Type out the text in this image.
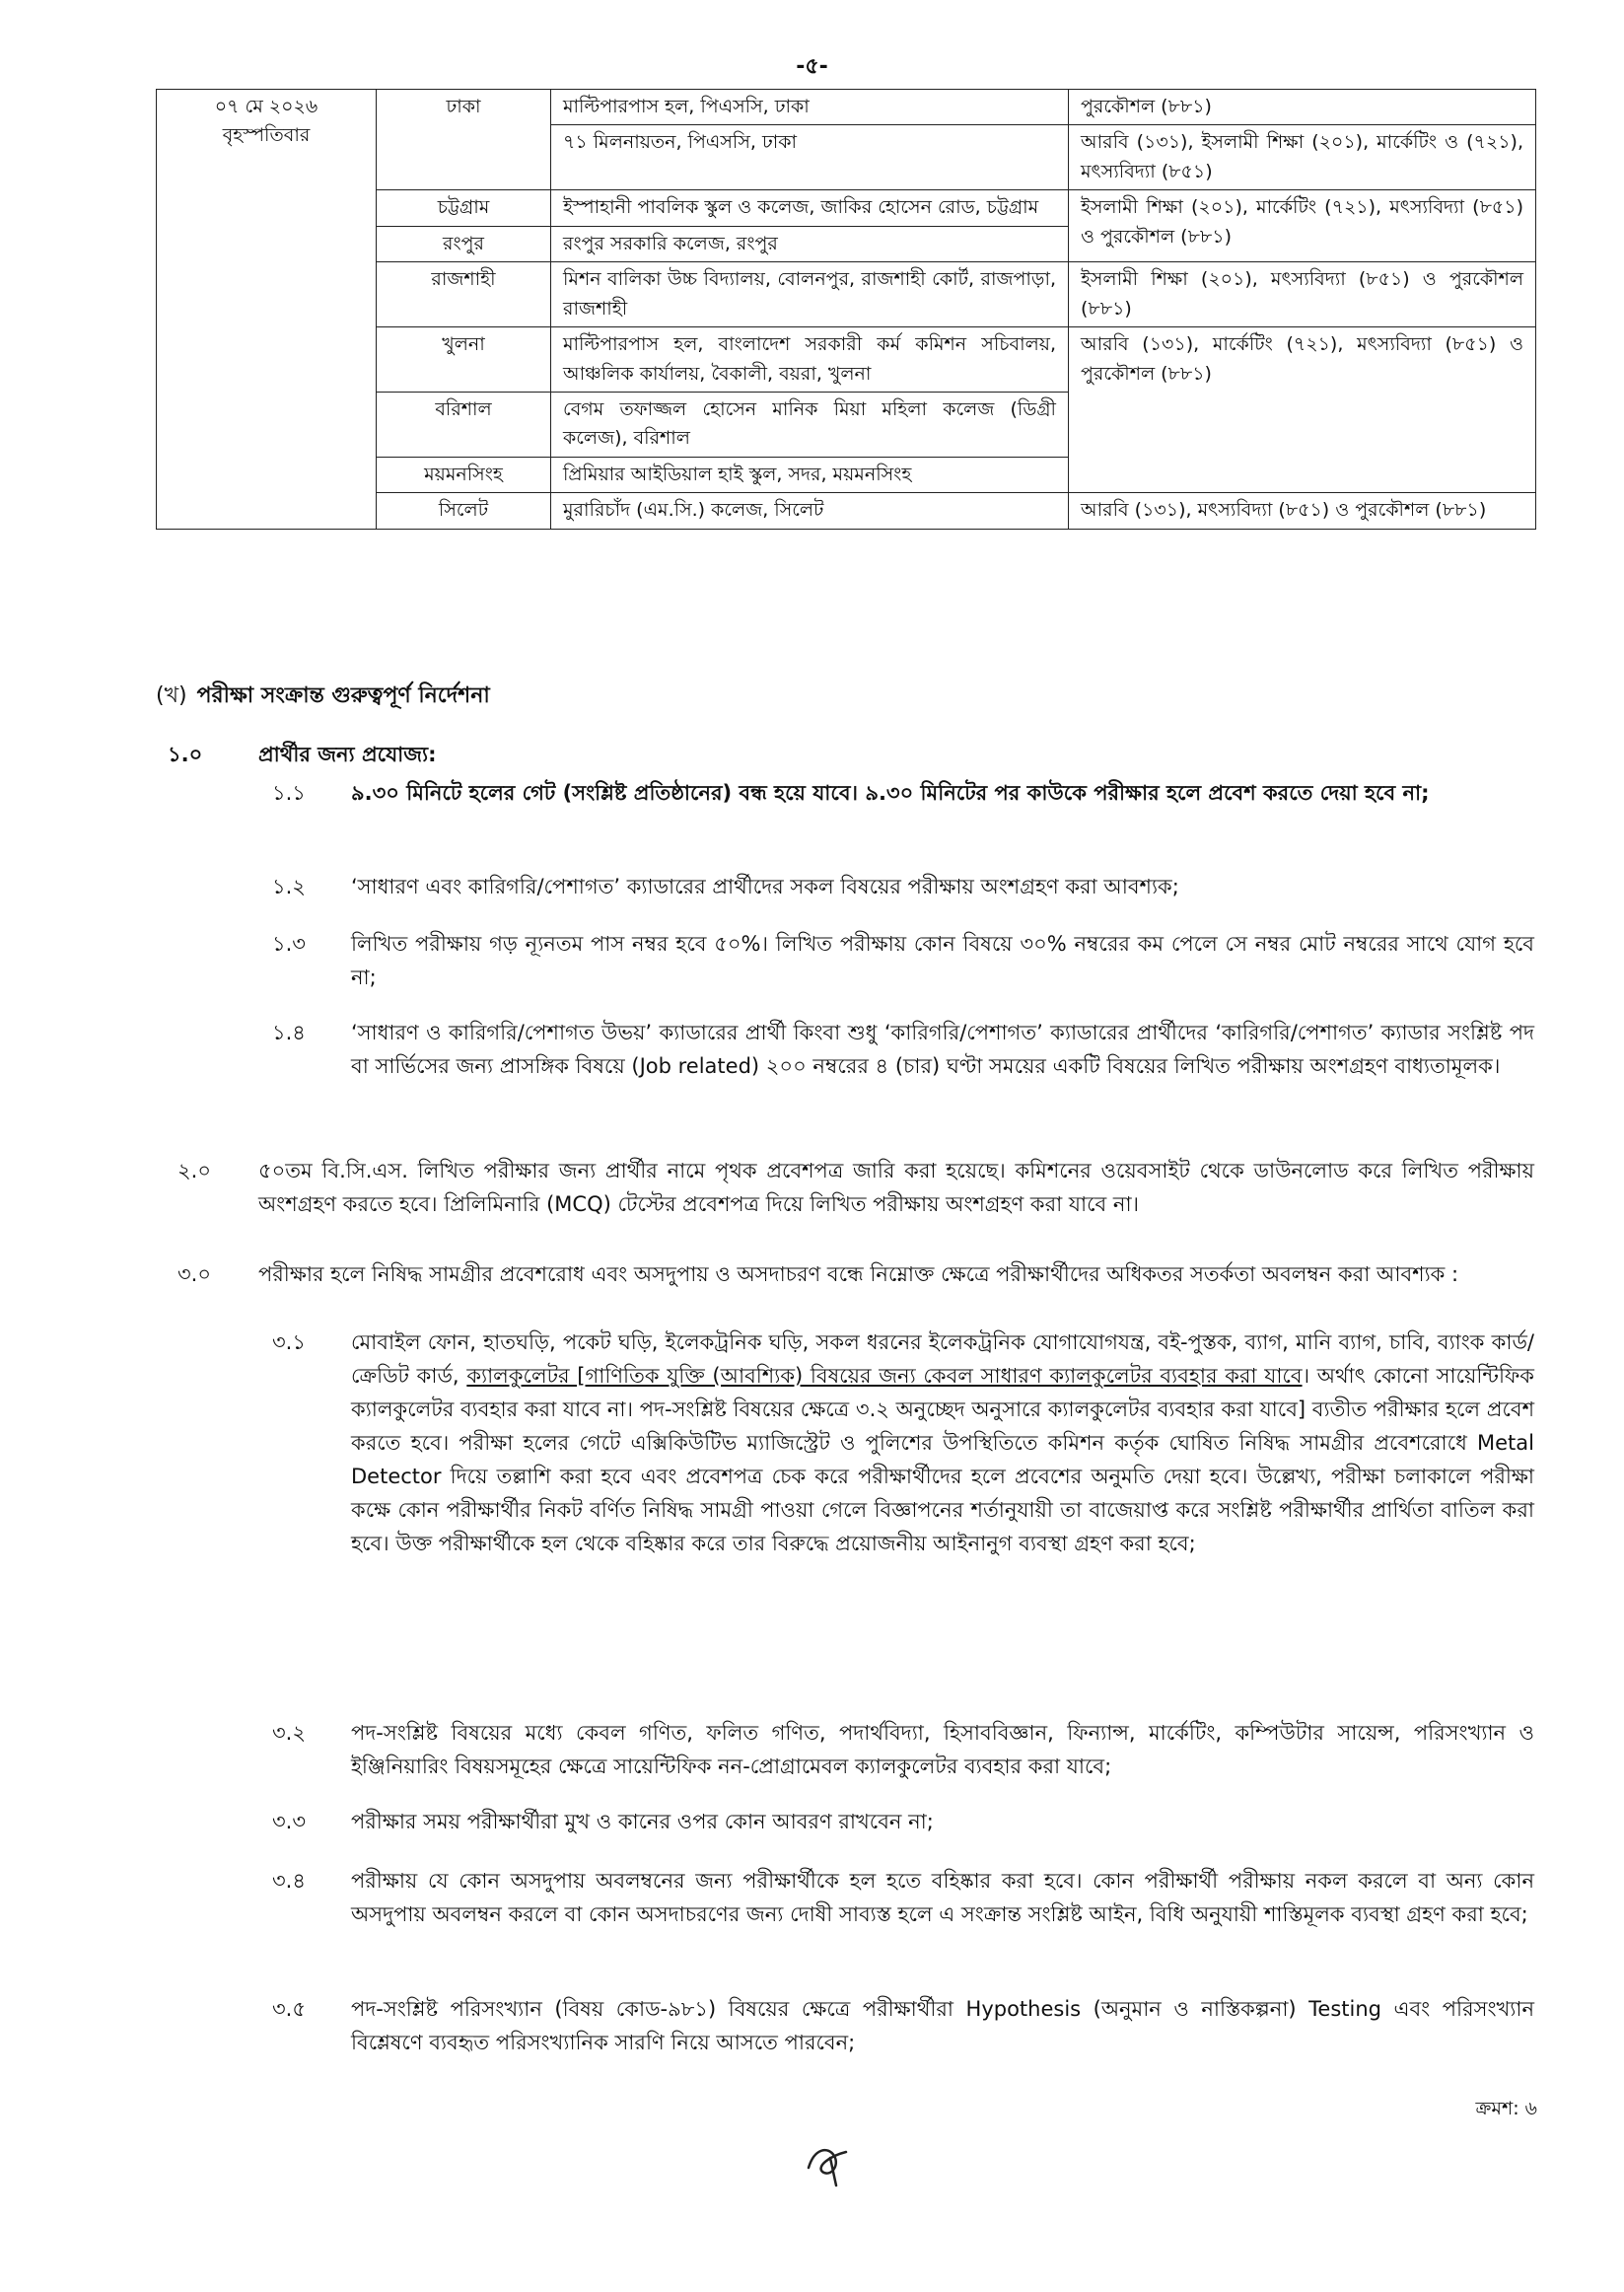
-৫-
০৭ মে ২০২৬
বৃহস্পতিবার	ঢাকা	মাল্টিপারপাস হল, পিএসসি, ঢাকা	পুরকৌশল (৮৮১)
		৭১ মিলনায়তন, পিএসসি, ঢাকা	আরবি (১৩১), ইসলামী শিক্ষা (২০১), মার্কেটিং ও (৭২১), মৎস্যবিদ্যা (৮৫১)
	চট্টগ্রাম	ইস্পাহানী পাবলিক স্কুল ও কলেজ, জাকির হোসেন রোড, চট্টগ্রাম	ইসলামী শিক্ষা (২০১), মার্কেটিং (৭২১), মৎস্যবিদ্যা (৮৫১) ও পুরকৌশল (৮৮১)
	রংপুর	রংপুর সরকারি কলেজ, রংপুর	
	রাজশাহী	মিশন বালিকা উচ্চ বিদ্যালয়, বোলনপুর, রাজশাহী কোর্ট, রাজপাড়া, রাজশাহী	ইসলামী শিক্ষা (২০১), মৎস্যবিদ্যা (৮৫১) ও পুরকৌশল (৮৮১)
	খুলনা	মাল্টিপারপাস হল, বাংলাদেশ সরকারী কর্ম কমিশন সচিবালয়, আঞ্চলিক কার্যালয়, বৈকালী, বয়রা, খুলনা	আরবি (১৩১), মার্কেটিং (৭২১), মৎস্যবিদ্যা (৮৫১) ও পুরকৌশল (৮৮১)
	বরিশাল	বেগম তফাজ্জল হোসেন মানিক মিয়া মহিলা কলেজ (ডিগ্রী কলেজ), বরিশাল	
	ময়মনসিংহ	প্রিমিয়ার আইডিয়াল হাই স্কুল, সদর, ময়মনসিংহ	
	সিলেট	মুরারিচাঁদ (এম.সি.) কলেজ, সিলেট	আরবি (১৩১), মৎস্যবিদ্যা (৮৫১) ও পুরকৌশল (৮৮১)
(খ) পরীক্ষা সংক্রান্ত গুরুত্বপূর্ণ নির্দেশনা
১.০	প্রার্থীর জন্য প্রযোজ্য:
১.১ ৯.৩০ মিনিটে হলের গেট (সংশ্লিষ্ট প্রতিষ্ঠানের) বন্ধ হয়ে যাবে। ৯.৩০ মিনিটের পর কাউকে পরীক্ষার হলে প্রবেশ করতে দেয়া হবে না;
১.২ ‘সাধারণ এবং কারিগরি/পেশাগত’ ক্যাডারের প্রার্থীদের সকল বিষয়ের পরীক্ষায় অংশগ্রহণ করা আবশ্যক;
১.৩ লিখিত পরীক্ষায় গড় ন্যূনতম পাস নম্বর হবে ৫০%। লিখিত পরীক্ষায় কোন বিষয়ে ৩০% নম্বরের কম পেলে সে নম্বর মোট নম্বরের সাথে যোগ হবে না;
১.৪ ‘সাধারণ ও কারিগরি/পেশাগত উভয়’ ক্যাডারের প্রার্থী কিংবা শুধু ‘কারিগরি/পেশাগত’ ক্যাডারের প্রার্থীদের ‘কারিগরি/পেশাগত’ ক্যাডার সংশ্লিষ্ট পদ বা সার্ভিসের জন্য প্রাসঙ্গিক বিষয়ে (Job related) ২০০ নম্বরের ৪ (চার) ঘণ্টা সময়ের একটি বিষয়ের লিখিত পরীক্ষায় অংশগ্রহণ বাধ্যতামূলক।
২.০ ৫০তম বি.সি.এস. লিখিত পরীক্ষার জন্য প্রার্থীর নামে পৃথক প্রবেশপত্র জারি করা হয়েছে। কমিশনের ওয়েবসাইট থেকে ডাউনলোড করে লিখিত পরীক্ষায় অংশগ্রহণ করতে হবে। প্রিলিমিনারি (MCQ) টেস্টের প্রবেশপত্র দিয়ে লিখিত পরীক্ষায় অংশগ্রহণ করা যাবে না।
৩.০ পরীক্ষার হলে নিষিদ্ধ সামগ্রীর প্রবেশরোধ এবং অসদুপায় ও অসদাচরণ বন্ধে নিম্নোক্ত ক্ষেত্রে পরীক্ষার্থীদের অধিকতর সতর্কতা অবলম্বন করা আবশ্যক :
৩.১ মোবাইল ফোন, হাতঘড়ি, পকেট ঘড়ি, ইলেকট্রনিক ঘড়ি, সকল ধরনের ইলেকট্রনিক যোগাযোগযন্ত্র, বই-পুস্তক, ব্যাগ, মানি ব্যাগ, চাবি, ব্যাংক কার্ড/ক্রেডিট কার্ড, ক্যালকুলেটর [গাণিতিক যুক্তি (আবশ্যিক) বিষয়ের জন্য কেবল সাধারণ ক্যালকুলেটর ব্যবহার করা যাবে। অর্থাৎ কোনো সায়েন্টিফিক ক্যালকুলেটর ব্যবহার করা যাবে না। পদ-সংশ্লিষ্ট বিষয়ের ক্ষেত্রে ৩.২ অনুচ্ছেদ অনুসারে ক্যালকুলেটর ব্যবহার করা যাবে] ব্যতীত পরীক্ষার হলে প্রবেশ করতে হবে। পরীক্ষা হলের গেটে এক্সিকিউটিভ ম্যাজিস্ট্রেট ও পুলিশের উপস্থিতিতে কমিশন কর্তৃক ঘোষিত নিষিদ্ধ সামগ্রীর প্রবেশরোধে Metal Detector দিয়ে তল্লাশি করা হবে এবং প্রবেশপত্র চেক করে পরীক্ষার্থীদের হলে প্রবেশের অনুমতি দেয়া হবে। উল্লেখ্য, পরীক্ষা চলাকালে পরীক্ষা কক্ষে কোন পরীক্ষার্থীর নিকট বর্ণিত নিষিদ্ধ সামগ্রী পাওয়া গেলে বিজ্ঞাপনের শর্তানুযায়ী তা বাজেয়াপ্ত করে সংশ্লিষ্ট পরীক্ষার্থীর প্রার্থিতা বাতিল করা হবে। উক্ত পরীক্ষার্থীকে হল থেকে বহিষ্কার করে তার বিরুদ্ধে প্রয়োজনীয় আইনানুগ ব্যবস্থা গ্রহণ করা হবে;
৩.২ পদ-সংশ্লিষ্ট বিষয়ের মধ্যে কেবল গণিত, ফলিত গণিত, পদার্থবিদ্যা, হিসাববিজ্ঞান, ফিন্যান্স, মার্কেটিং, কম্পিউটার সায়েন্স, পরিসংখ্যান ও ইঞ্জিনিয়ারিং বিষয়সমূহের ক্ষেত্রে সায়েন্টিফিক নন-প্রোগ্রামেবল ক্যালকুলেটর ব্যবহার করা যাবে;
৩.৩ পরীক্ষার সময় পরীক্ষার্থীরা মুখ ও কানের ওপর কোন আবরণ রাখবেন না;
৩.৪ পরীক্ষায় যে কোন অসদুপায় অবলম্বনের জন্য পরীক্ষার্থীকে হল হতে বহিষ্কার করা হবে। কোন পরীক্ষার্থী পরীক্ষায় নকল করলে বা অন্য কোন অসদুপায় অবলম্বন করলে বা কোন অসদাচরণের জন্য দোষী সাব্যস্ত হলে এ সংক্রান্ত সংশ্লিষ্ট আইন, বিধি অনুযায়ী শাস্তিমূলক ব্যবস্থা গ্রহণ করা হবে;
৩.৫ পদ-সংশ্লিষ্ট পরিসংখ্যান (বিষয় কোড-৯৮১) বিষয়ের ক্ষেত্রে পরীক্ষার্থীরা Hypothesis (অনুমান ও নাস্তিকল্পনা) Testing এবং পরিসংখ্যান বিশ্লেষণে ব্যবহৃত পরিসংখ্যানিক সারণি নিয়ে আসতে পারবেন;
ক্রমশ: ৬
